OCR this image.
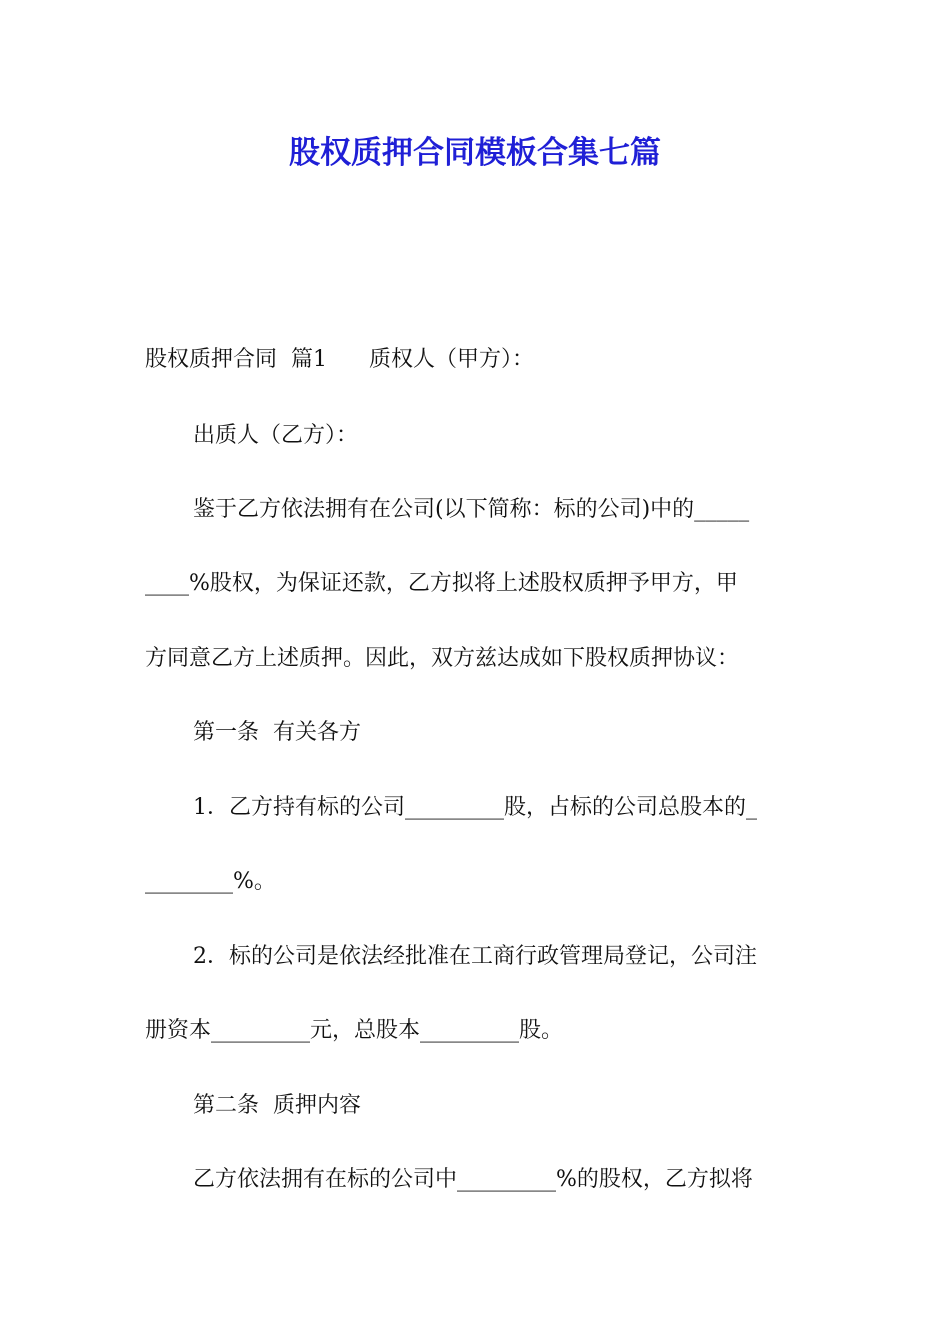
股权质押合同模板合集七篇
股权质押合同  篇1      质权人（甲方）：
出质人（乙方）：
鉴于乙方依法拥有在公司(以下简称：标的公司)中的_____
____%股权，为保证还款，乙方拟将上述股权质押予甲方，甲
方同意乙方上述质押。因此，双方兹达成如下股权质押协议：
第一条  有关各方
1．乙方持有标的公司_________股，占标的公司总股本的_
________%。
2．标的公司是依法经批准在工商行政管理局登记，公司注
册资本_________元，总股本_________股。
第二条  质押内容
乙方依法拥有在标的公司中_________%的股权，乙方拟将
